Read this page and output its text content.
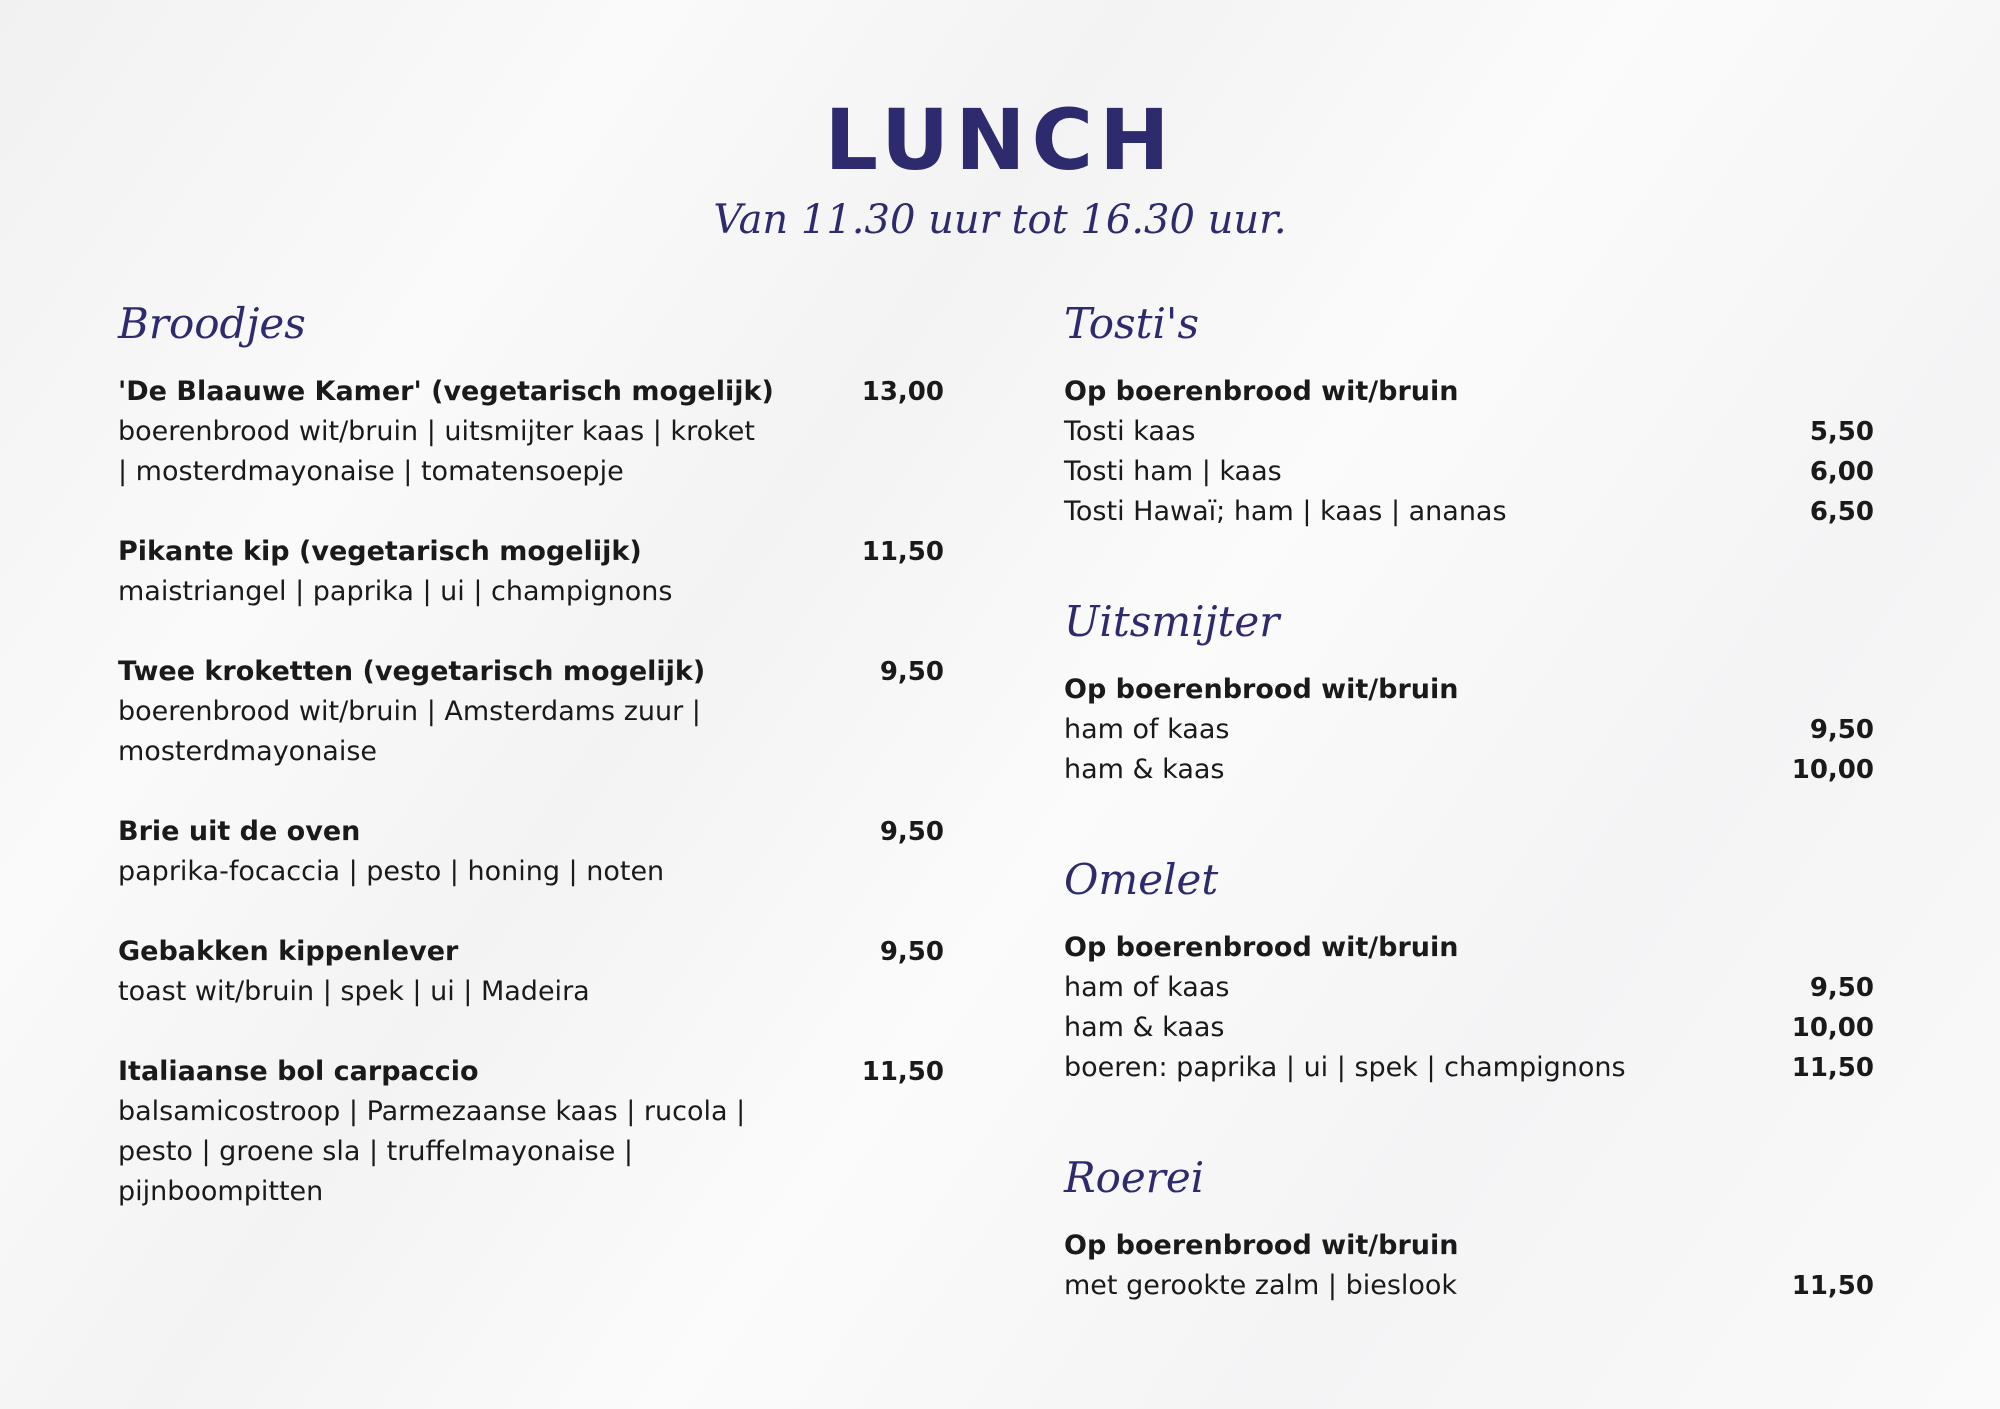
LUNCH
Van 11.30 uur tot 16.30 uur.
Broodjes
'De Blaauwe Kamer' (vegetarisch mogelijk)	13,00
boerenbrood wit/bruin | uitsmijter kaas | kroket | mosterdmayonaise | tomatensoepje
Pikante kip (vegetarisch mogelijk)	11,50
maistriangel | paprika | ui | champignons
Twee kroketten (vegetarisch mogelijk)	9,50
boerenbrood wit/bruin | Amsterdams zuur | mosterdmayonaise
Brie uit de oven	9,50
paprika-focaccia | pesto | honing | noten
Gebakken kippenlever	9,50
toast wit/bruin | spek | ui | Madeira
Italiaanse bol carpaccio	11,50
balsamicostroop | Parmezaanse kaas | rucola | pesto | groene sla | truffelmayonaise | pijnboompitten
Tosti's
Op boerenbrood wit/bruin
Tosti kaas	5,50
Tosti ham | kaas	6,00
Tosti Hawaï; ham | kaas | ananas	6,50
Uitsmijter
Op boerenbrood wit/bruin
ham of kaas	9,50
ham & kaas	10,00
Omelet
Op boerenbrood wit/bruin
ham of kaas	9,50
ham & kaas	10,00
boeren: paprika | ui | spek | champignons	11,50
Roerei
Op boerenbrood wit/bruin
met gerookte zalm | bieslook	11,50
